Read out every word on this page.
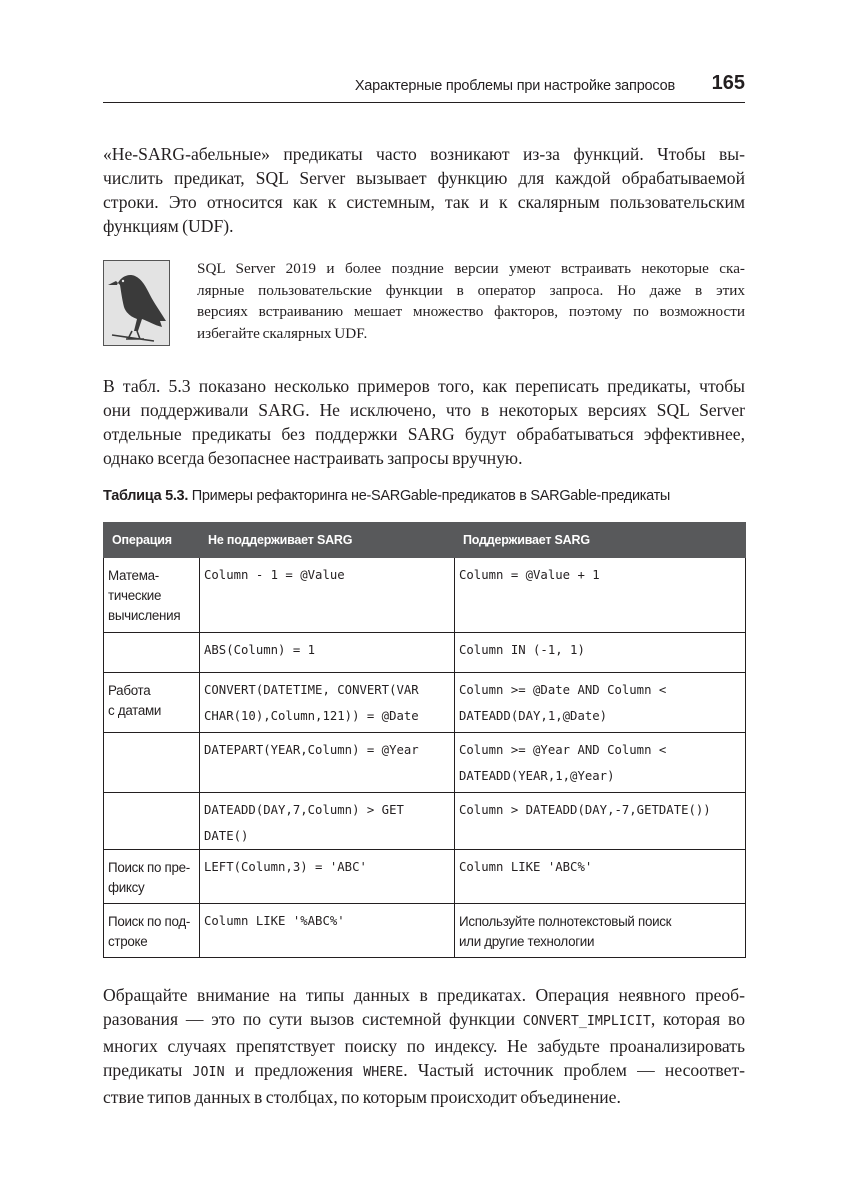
Характерные проблемы при настройке запросов 165
«Не-SARG-абельные» предикаты часто возникают из-за функций. Чтобы вы-
числить предикат, SQL Server вызывает функцию для каждой обрабатываемой
строки. Это относится как к системным, так и к скалярным пользовательским
функциям (UDF).
SQL Server 2019 и более поздние версии умеют встраивать некоторые ска-
лярные пользовательские функции в оператор запроса. Но даже в этих
версиях встраиванию мешает множество факторов, поэтому по возможности
избегайте скалярных UDF.
В табл. 5.3 показано несколько примеров того, как переписать предикаты, чтобы
они поддерживали SARG. Не исключено, что в некоторых версиях SQL Server
отдельные предикаты без поддержки SARG будут обрабатываться эффективнее,
однако всегда безопаснее настраивать запросы вручную.
Таблица 5.3. Примеры рефакторинга не-SARGable-предикатов в SARGable-предикаты
Операция	Не поддерживает SARG	Поддерживает SARG
Матема-
тические
вычисления	Column - 1 = @Value	Column = @Value + 1
	ABS(Column) = 1	Column IN (-1, 1)
Работа
с датами	CONVERT(DATETIME, CONVERT(VAR
CHAR(10),Column,121)) = @Date	Column >= @Date AND Column <
DATEADD(DAY,1,@Date)
	DATEPART(YEAR,Column) = @Year	Column >= @Year AND Column <
DATEADD(YEAR,1,@Year)
	DATEADD(DAY,7,Column) > GET
DATE()	Column > DATEADD(DAY,-7,GETDATE())
Поиск по пре-
фиксу	LEFT(Column,3) = 'ABC'	Column LIKE 'ABC%'
Поиск по под-
строке	Column LIKE '%ABC%'	Используйте полнотекстовый поиск
или другие технологии
Обращайте внимание на типы данных в предикатах. Операция неявного преоб-
разования — это по сути вызов системной функции CONVERT_IMPLICIT, которая во
многих случаях препятствует поиску по индексу. Не забудьте проанализировать
предикаты JOIN и предложения WHERE. Частый источник проблем — несоответ-
ствие типов данных в столбцах, по которым происходит объединение.
